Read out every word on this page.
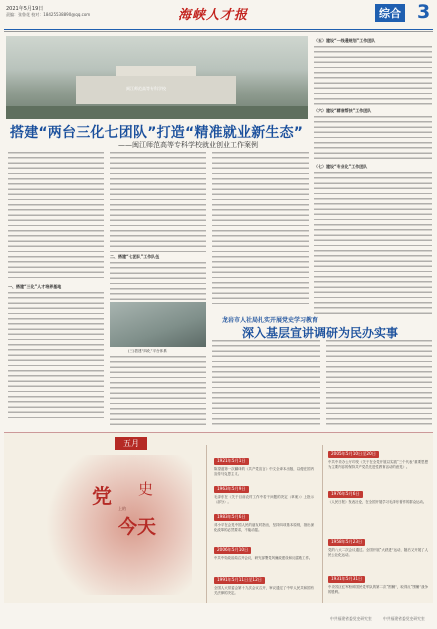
2021年5月19日
责编：张鲁花 校对：18425538890@qq.com	海峡人才报	综合 3
闽江师范高等专科学校
（五）建设“一线通规划”工作团队
（六）建设“精准帮扶”工作团队
（七）建设“专业化”工作团队
搭建“两台三化七团队”打造“精准就业新生态”
——闽江师范高等专科学校就业创业工作案例
一、搭建“三化”人才培养基地
二、搭建“七团队”工作队伍
(三)搭建“四化”平台体系
龙岩市人社局扎实开展党史学习教育
深入基层宣讲调研为民办实事
五月
党 史
上的
今天
1921年5月1日
陈望道第一次翻译的《共产党宣言》中文全译本出版，以便在国内宣传马克思主义。
1963年5月9日
毛泽东在《关于目前农村工作中若干问题的决定（草案）》上批示（部分）。
1983年5月6日
邓小平在会见中国人民的朋友时指出，坚持四项基本原则，指出深化改革的必然要求，不能动摇。
2006年5月10日
中共中央政治局召开会议，研究部署党风廉政建设和反腐败工作。
1991年5月11日至12日
全国人大常委会第十九次会议召开，审议通过了中华人民共和国有关法律的决定。
2005年5月10日至20日
中共中央办公厅印发《关于在全党开展以实践“三个代表”重要思想为主要内容的保持共产党员先进性教育活动的意见》。
1976年5月6日
《人民日报》发表社论，在全国开展学习毛泽东著作的群众运动。
1958年5月23日
党的八大二次会议通过。全国开展“大跃进”运动，随后又开展了人民公社化运动。
1931年5月31日
中央苏区红军粉碎国民党军队的第二次“围剿”，取得反“围剿”战争的胜利。
中共福建省委党史研究室	中共福建省委党史研究室
